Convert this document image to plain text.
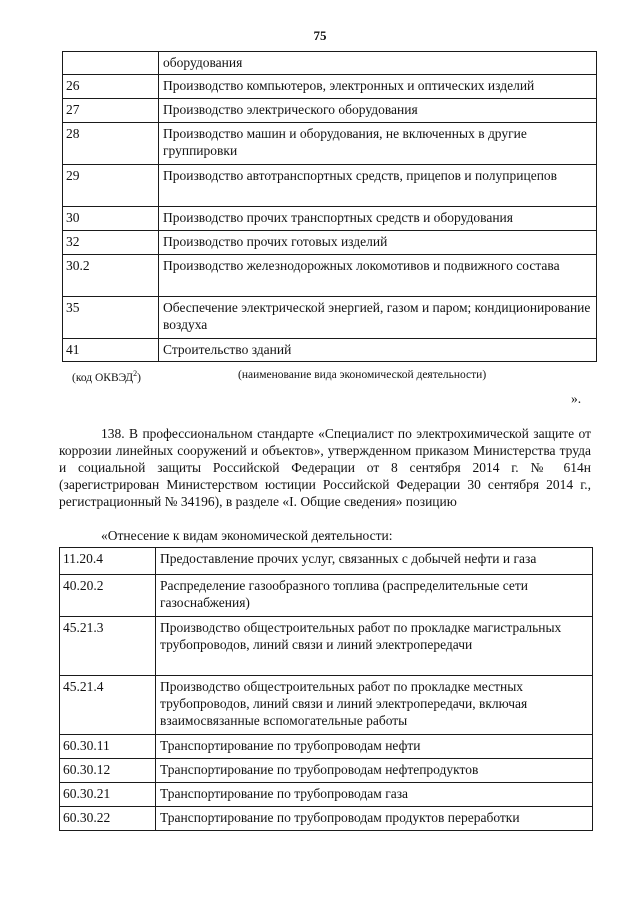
75
	оборудования
26	Производство компьютеров, электронных и оптических изделий
27	Производство электрического оборудования
28	Производство машин и оборудования, не включенных в другие группировки
29	Производство автотранспортных средств, прицепов и полуприцепов
30	Производство прочих транспортных средств и оборудования
32	Производство прочих готовых изделий
30.2	Производство железнодорожных локомотивов и подвижного состава
35	Обеспечение электрической энергией, газом и паром; кондиционирование воздуха
41	Строительство зданий
(код ОКВЭД$^2$)	(наименование вида экономической деятельности)
».
138. В профессиональном стандарте «Специалист по электрохимической защите от коррозии линейных сооружений и объектов», утвержденном приказом Министерства труда и социальной защиты Российской Федерации от 8 сентября 2014 г. № 614н (зарегистрирован Министерством юстиции Российской Федерации 30 сентября 2014 г., регистрационный № 34196), в разделе «I. Общие сведения» позицию
«Отнесение к видам экономической деятельности:
11.20.4	Предоставление прочих услуг, связанных с добычей нефти и газа
40.20.2	Распределение газообразного топлива (распределительные сети газоснабжения)
45.21.3	Производство общестроительных работ по прокладке магистральных трубопроводов, линий связи и линий электропередачи
45.21.4	Производство общестроительных работ по прокладке местных трубопроводов, линий связи и линий электропередачи, включая взаимосвязанные вспомогательные работы
60.30.11	Транспортирование по трубопроводам нефти
60.30.12	Транспортирование по трубопроводам нефтепродуктов
60.30.21	Транспортирование по трубопроводам газа
60.30.22	Транспортирование по трубопроводам продуктов переработки
